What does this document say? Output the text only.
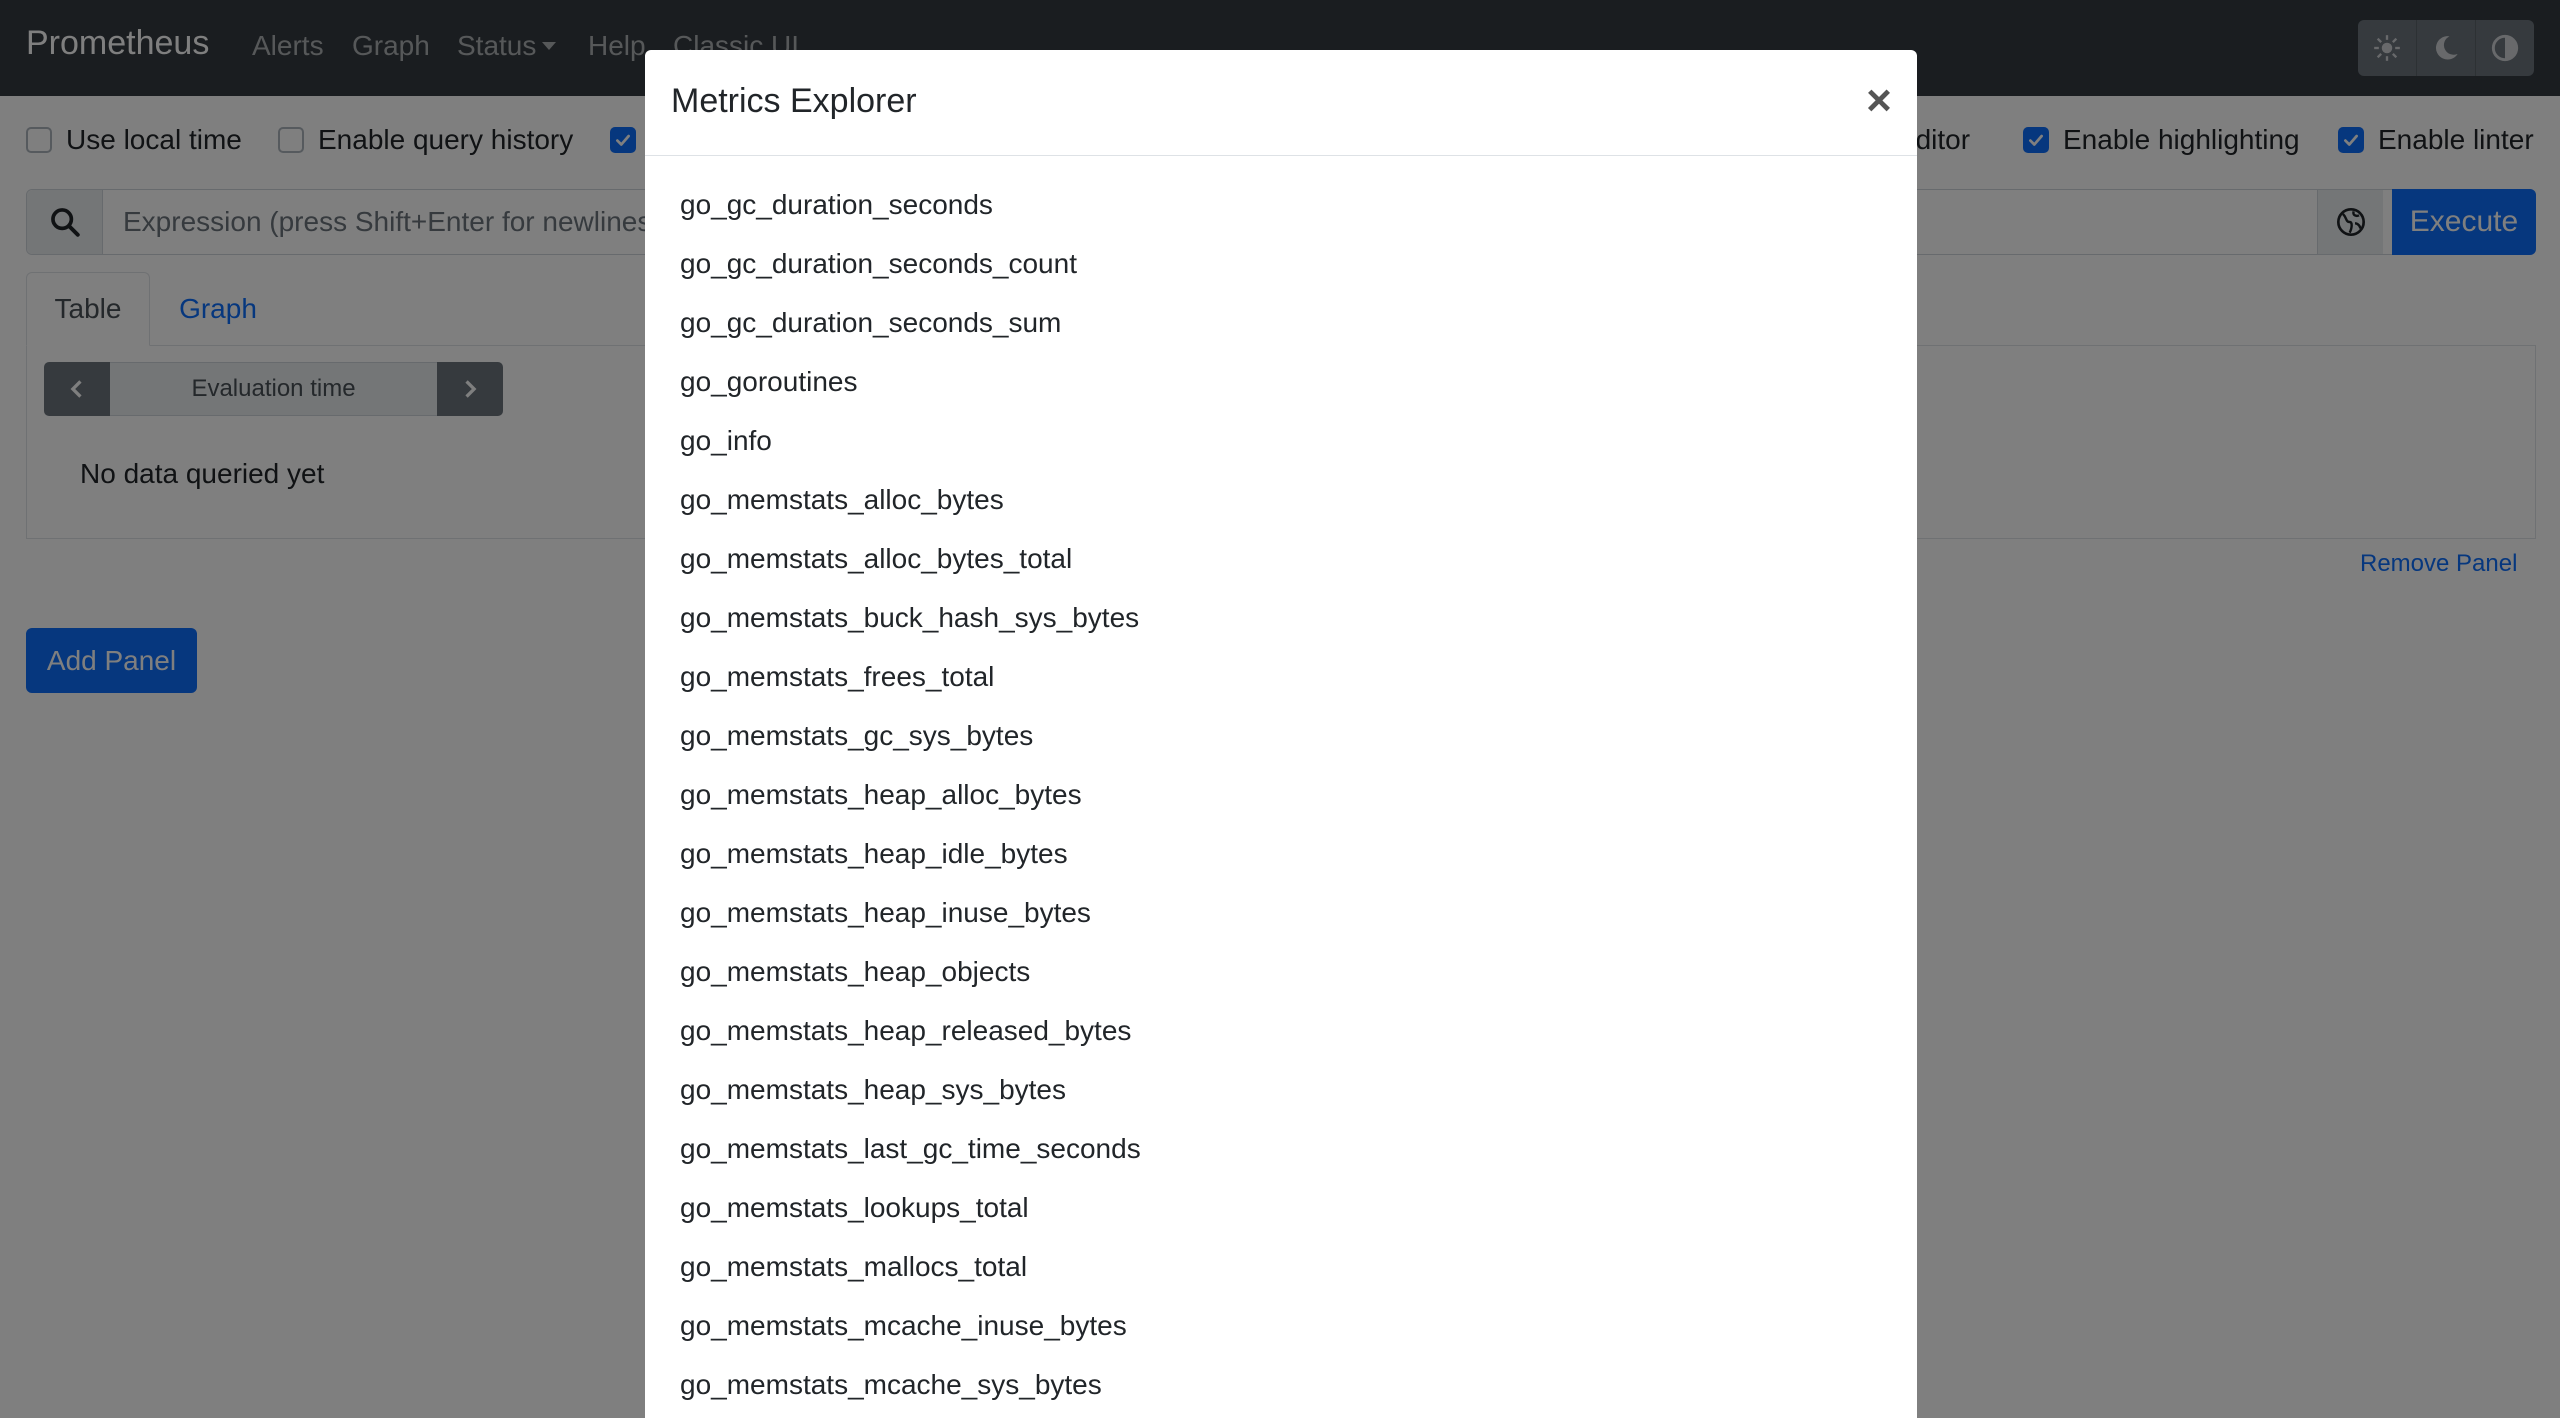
Expression (press Shift+Enter for newlines)
Metrics Explorer	×
go_gc_duration_seconds
go_gc_duration_seconds_count
go_gc_duration_seconds_sum
go_goroutines
go_info
go_memstats_alloc_bytes
go_memstats_alloc_bytes_total
go_memstats_buck_hash_sys_bytes
go_memstats_frees_total
go_memstats_gc_sys_bytes
go_memstats_heap_alloc_bytes
go_memstats_heap_idle_bytes
go_memstats_heap_inuse_bytes
go_memstats_heap_objects
go_memstats_heap_released_bytes
go_memstats_heap_sys_bytes
go_memstats_last_gc_time_seconds
go_memstats_lookups_total
go_memstats_mallocs_total
go_memstats_mcache_inuse_bytes
go_memstats_mcache_sys_bytes
